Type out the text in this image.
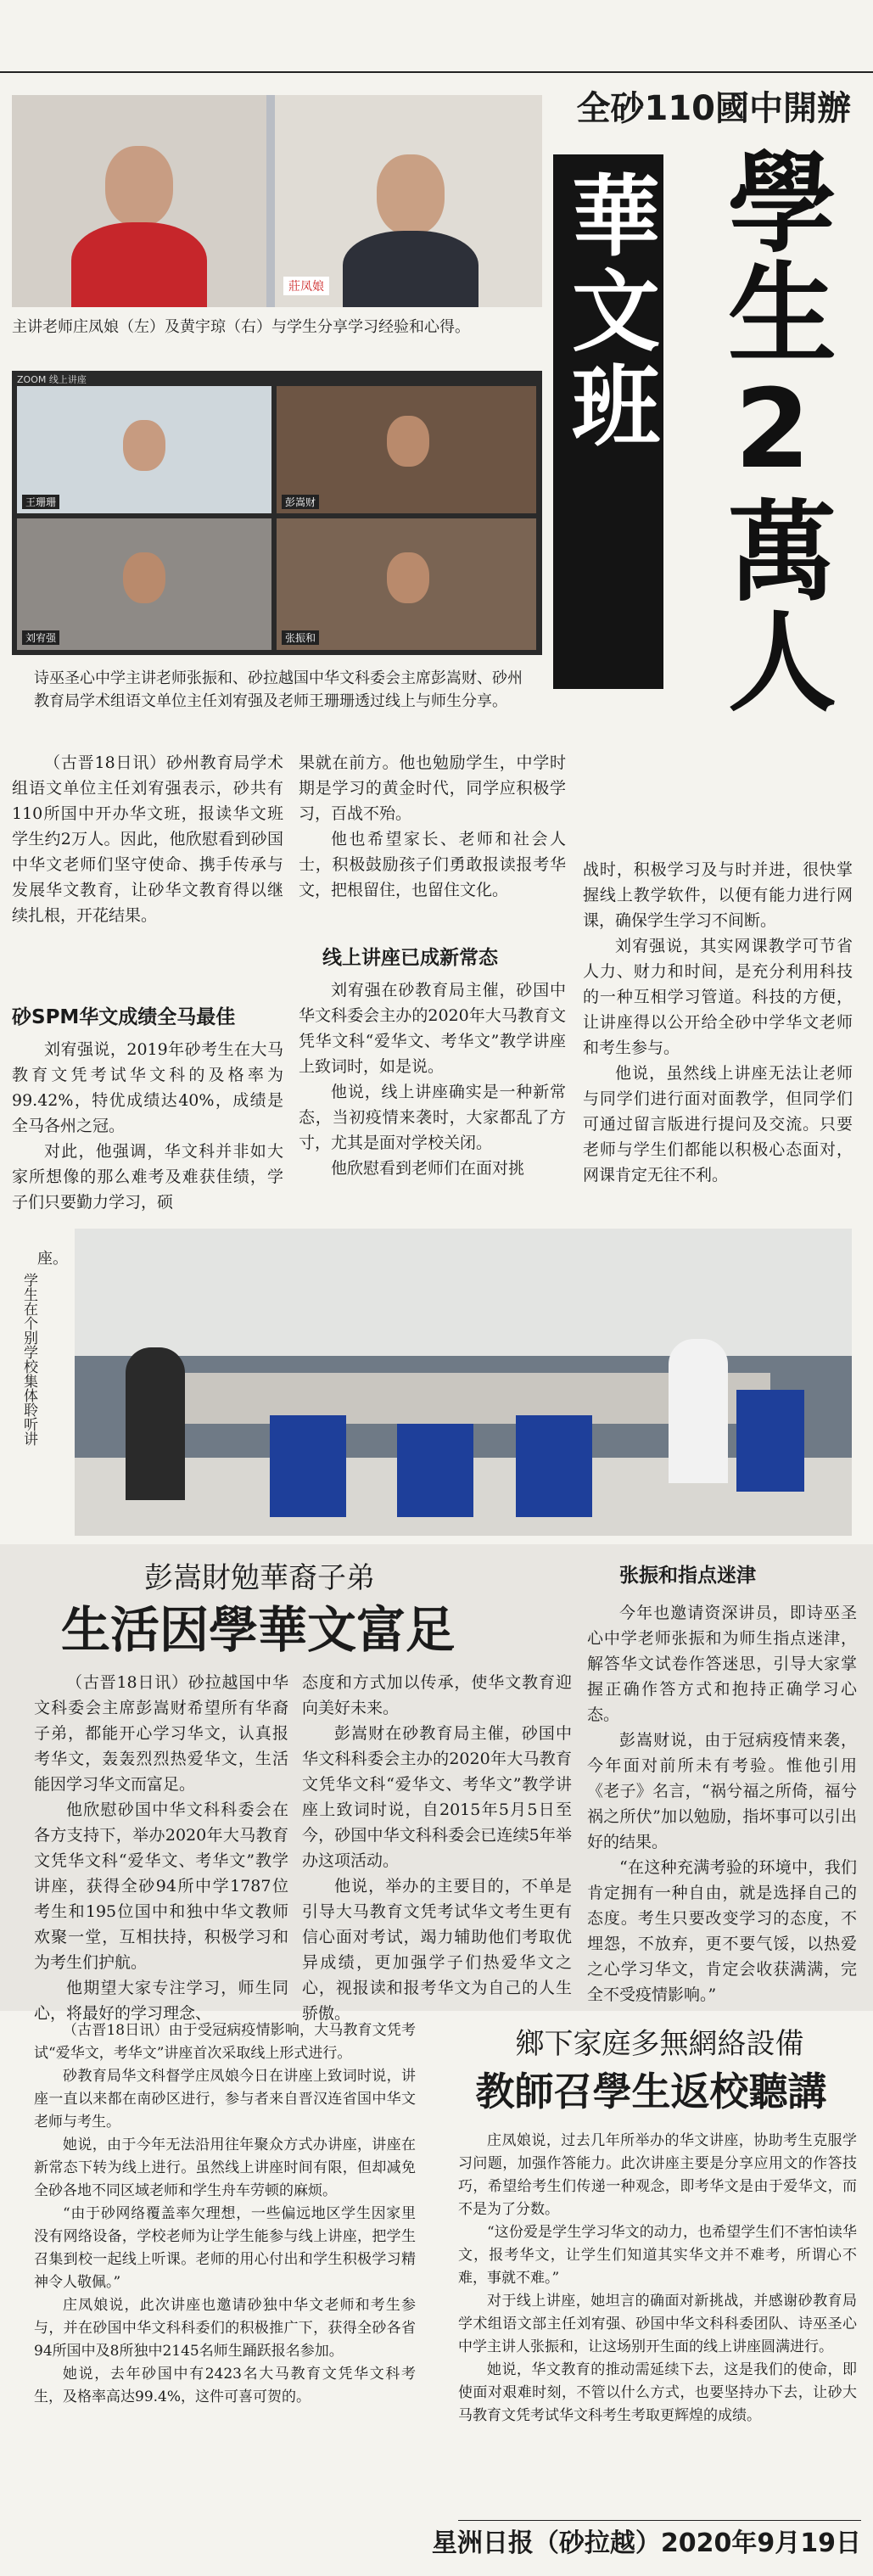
全砂110國中開辦
莊凤娘
主讲老师庄凤娘（左）及黄宇琼（右）与学生分享学习经验和心得。
ZOOM 线上讲座
王珊珊	彭嵩财
刘宥强	张振和
诗巫圣心中学主讲老师张振和、砂拉越国中华文科委会主席彭嵩财、砂州教育局学术组语文单位主任刘宥强及老师王珊珊透过线上与师生分享。
華文班 學生2萬人

（古晋18日讯）砂州教育局学术组语文单位主任刘宥强表示，砂共有110所国中开办华文班，报读华文班学生约2万人。因此，他欣慰看到砂国中华文老师们坚守使命、携手传承与发展华文教育，让砂华文教育得以继续扎根，开花结果。

砂SPM华文成绩全马最佳

刘宥强说，2019年砂考生在大马教育文凭考试华文科的及格率为99.42%，特优成绩达40%，成绩是全马各州之冠。

对此，他强调，华文科并非如大家所想像的那么难考及难获佳绩，学子们只要勤力学习，硕

果就在前方。他也勉励学生，中学时期是学习的黄金时代，同学应积极学习，百战不殆。

他也希望家长、老师和社会人士，积极鼓励孩子们勇敢报读报考华文，把根留住，也留住文化。

线上讲座已成新常态

刘宥强在砂教育局主催，砂国中华文科委会主办的2020年大马教育文凭华文科“爱华文、考华文”教学讲座上致词时，如是说。

他说，线上讲座确实是一种新常态，当初疫情来袭时，大家都乱了方寸，尤其是面对学校关闭。

他欣慰看到老师们在面对挑

战时，积极学习及与时并进，很快掌握线上教学软件，以便有能力进行网课，确保学生学习不间断。

刘宥强说，其实网课教学可节省人力、财力和时间，是充分利用科技的一种互相学习管道。科技的方便，让讲座得以公开给全砂中学华文老师和考生参与。

他说，虽然线上讲座无法让老师与同学们进行面对面教学，但同学们可通过留言版进行提问及交流。只要老师与学生们都能以积极心态面对，网课肯定无往不利。

座。
学生在个别学校集体聆听讲
彭嵩財勉華裔子弟
生活因學華文富足

（古晋18日讯）砂拉越国中华文科委会主席彭嵩财希望所有华裔子弟，都能开心学习华文，认真报考华文，轰轰烈烈热爱华文，生活能因学习华文而富足。

他欣慰砂国中华文科科委会在各方支持下，举办2020年大马教育文凭华文科“爱华文、考华文”教学讲座，获得全砂94所中学1787位考生和195位国中和独中华文教师欢聚一堂，互相扶持，积极学习和为考生们护航。

他期望大家专注学习，师生同心，将最好的学习理念、

态度和方式加以传承，使华文教育迎向美好未来。

彭嵩财在砂教育局主催，砂国中华文科科委会主办的2020年大马教育文凭华文科“爱华文、考华文”教学讲座上致词时说，自2015年5月5日至今，砂国中华文科科委会已连续5年举办这项活动。

他说，举办的主要目的，不单是引导大马教育文凭考试华文考生更有信心面对考试，竭力辅助他们考取优异成绩，更加强学子们热爱华文之心，视报读和报考华文为自己的人生骄傲。

张振和指点迷津

今年也邀请资深讲员，即诗巫圣心中学老师张振和为师生指点迷津，解答华文试卷作答迷思，引导大家掌握正确作答方式和抱持正确学习心态。

彭嵩财说，由于冠病疫情来袭，今年面对前所未有考验。惟他引用《老子》名言，“祸兮福之所倚，福兮祸之所伏”加以勉励，指坏事可以引出好的结果。

“在这种充满考验的环境中，我们肯定拥有一种自由，就是选择自己的态度。考生只要改变学习的态度，不埋怨，不放弃，更不要气馁，以热爱之心学习华文，肯定会收获满满，完全不受疫情影响。”

（古晋18日讯）由于受冠病疫情影响，大马教育文凭考试“爱华文，考华文”讲座首次采取线上形式进行。

砂教育局华文科督学庄凤娘今日在讲座上致词时说，讲座一直以来都在南砂区进行，参与者来自晋汉连省国中华文老师与考生。

她说，由于今年无法沿用往年聚众方式办讲座，讲座在新常态下转为线上进行。虽然线上讲座时间有限，但却减免全砂各地不同区域老师和学生舟车劳顿的麻烦。

“由于砂网络覆盖率欠理想，一些偏远地区学生因家里没有网络设备，学校老师为让学生能参与线上讲座，把学生召集到校一起线上听课。老师的用心付出和学生积极学习精神令人敬佩。”

庄凤娘说，此次讲座也邀请砂独中华文老师和考生参与，并在砂国中华文科科委们的积极推广下，获得全砂各省94所国中及8所独中2145名师生踊跃报名参加。

她说，去年砂国中有2423名大马教育文凭华文科考生，及格率高达99.4%，这件可喜可贺的。

鄉下家庭多無網絡設備
教師召學生返校聽講

庄凤娘说，过去几年所举办的华文讲座，协助考生克服学习问题，加强作答能力。此次讲座主要是分享应用文的作答技巧，希望给考生们传递一种观念，即考华文是由于爱华文，而不是为了分数。

“这份爱是学生学习华文的动力，也希望学生们不害怕读华文，报考华文，让学生们知道其实华文并不难考，所谓心不难，事就不难。”

对于线上讲座，她坦言的确面对新挑战，并感谢砂教育局学术组语文部主任刘宥强、砂国中华文科科委团队、诗巫圣心中学主讲人张振和，让这场别开生面的线上讲座圆满进行。

她说，华文教育的推动需延续下去，这是我们的使命，即使面对艰难时刻，不管以什么方式，也要坚持办下去，让砂大马教育文凭考试华文科考生考取更辉煌的成绩。

星洲日报（砂拉越）2020年9月19日
